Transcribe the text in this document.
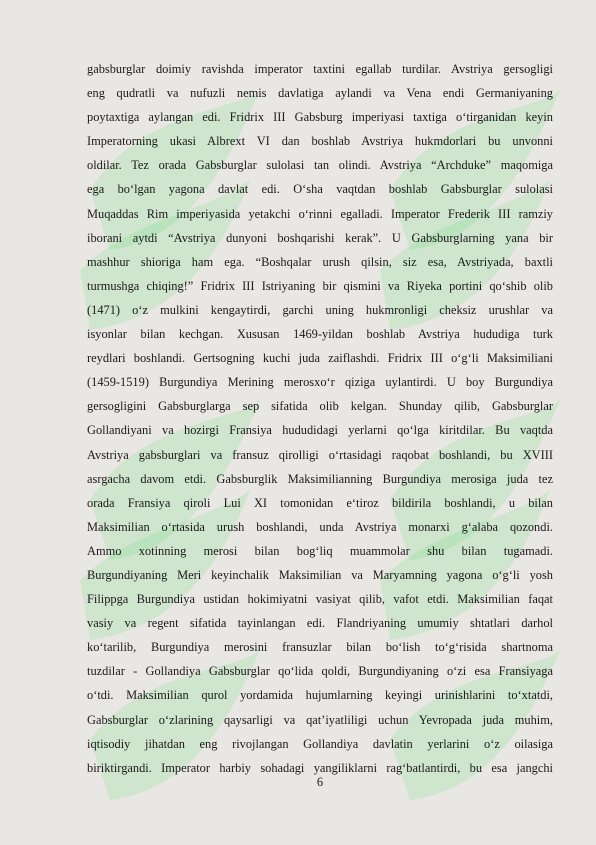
gabsburglar doimiy ravishda imperator taxtini egallab turdilar. Avstriya gersogligi
eng qudratli va nufuzli nemis davlatiga aylandi va Vena endi Germaniyaning
poytaxtiga aylangan edi. Fridrix III Gabsburg imperiyasi taxtiga oʻtirganidan keyin
Imperatorning ukasi Albrext VI dan boshlab Avstriya hukmdorlari bu unvonni
oldilar. Tez orada Gabsburglar sulolasi tan olindi. Avstriya “Archduke” maqomiga
ega boʻlgan yagona davlat edi. Oʻsha vaqtdan boshlab Gabsburglar sulolasi
Muqaddas Rim imperiyasida yetakchi oʻrinni egalladi. Imperator Frederik III ramziy
iborani aytdi “Avstriya dunyoni boshqarishi kerak”. U Gabsburglarning yana bir
mashhur shioriga ham ega. “Boshqalar urush qilsin, siz esa, Avstriyada, baxtli
turmushga chiqing!” Fridrix III Istriyaning bir qismini va Riyeka portini qoʻshib olib
(1471) oʻz mulkini kengaytirdi, garchi uning hukmronligi cheksiz urushlar va
isyonlar bilan kechgan. Xususan 1469-yildan boshlab Avstriya hududiga turk
reydlari boshlandi. Gertsogning kuchi juda zaiflashdi. Fridrix III oʻgʻli Maksimiliani
(1459-1519) Burgundiya Merining merosxoʻr qiziga uylantirdi. U boy Burgundiya
gersogligini Gabsburglarga sep sifatida olib kelgan. Shunday qilib, Gabsburglar
Gollandiyani va hozirgi Fransiya hududidagi yerlarni qoʻlga kiritdilar. Bu vaqtda
Avstriya gabsburglari va fransuz qirolligi oʻrtasidagi raqobat boshlandi, bu XVIII
asrgacha davom etdi. Gabsburglik Maksimilianning Burgundiya merosiga juda tez
orada Fransiya qiroli Lui XI tomonidan eʻtiroz bildirila boshlandi, u bilan
Maksimilian oʻrtasida urush boshlandi, unda Avstriya monarxi gʻalaba qozondi.
Ammo xotinning merosi bilan bogʻliq muammolar shu bilan tugamadi.
Burgundiyaning Meri keyinchalik Maksimilian va Maryamning yagona oʻgʻli yosh
Filippga Burgundiya ustidan hokimiyatni vasiyat qilib, vafot etdi. Maksimilian faqat
vasiy va regent sifatida tayinlangan edi. Flandriyaning umumiy shtatlari darhol
koʻtarilib, Burgundiya merosini fransuzlar bilan boʻlish toʻgʻrisida shartnoma
tuzdilar - Gollandiya Gabsburglar qoʻlida qoldi, Burgundiyaning oʻzi esa Fransiyaga
oʻtdi. Maksimilian qurol yordamida hujumlarning keyingi urinishlarini toʻxtatdi,
Gabsburglar oʻzlarining qaysarligi va qatʼiyatliligi uchun Yevropada juda muhim,
iqtisodiy jihatdan eng rivojlangan Gollandiya davlatin yerlarini oʻz oilasiga
biriktirgandi. Imperator harbiy sohadagi yangiliklarni ragʻbatlantirdi, bu esa jangchi
6
